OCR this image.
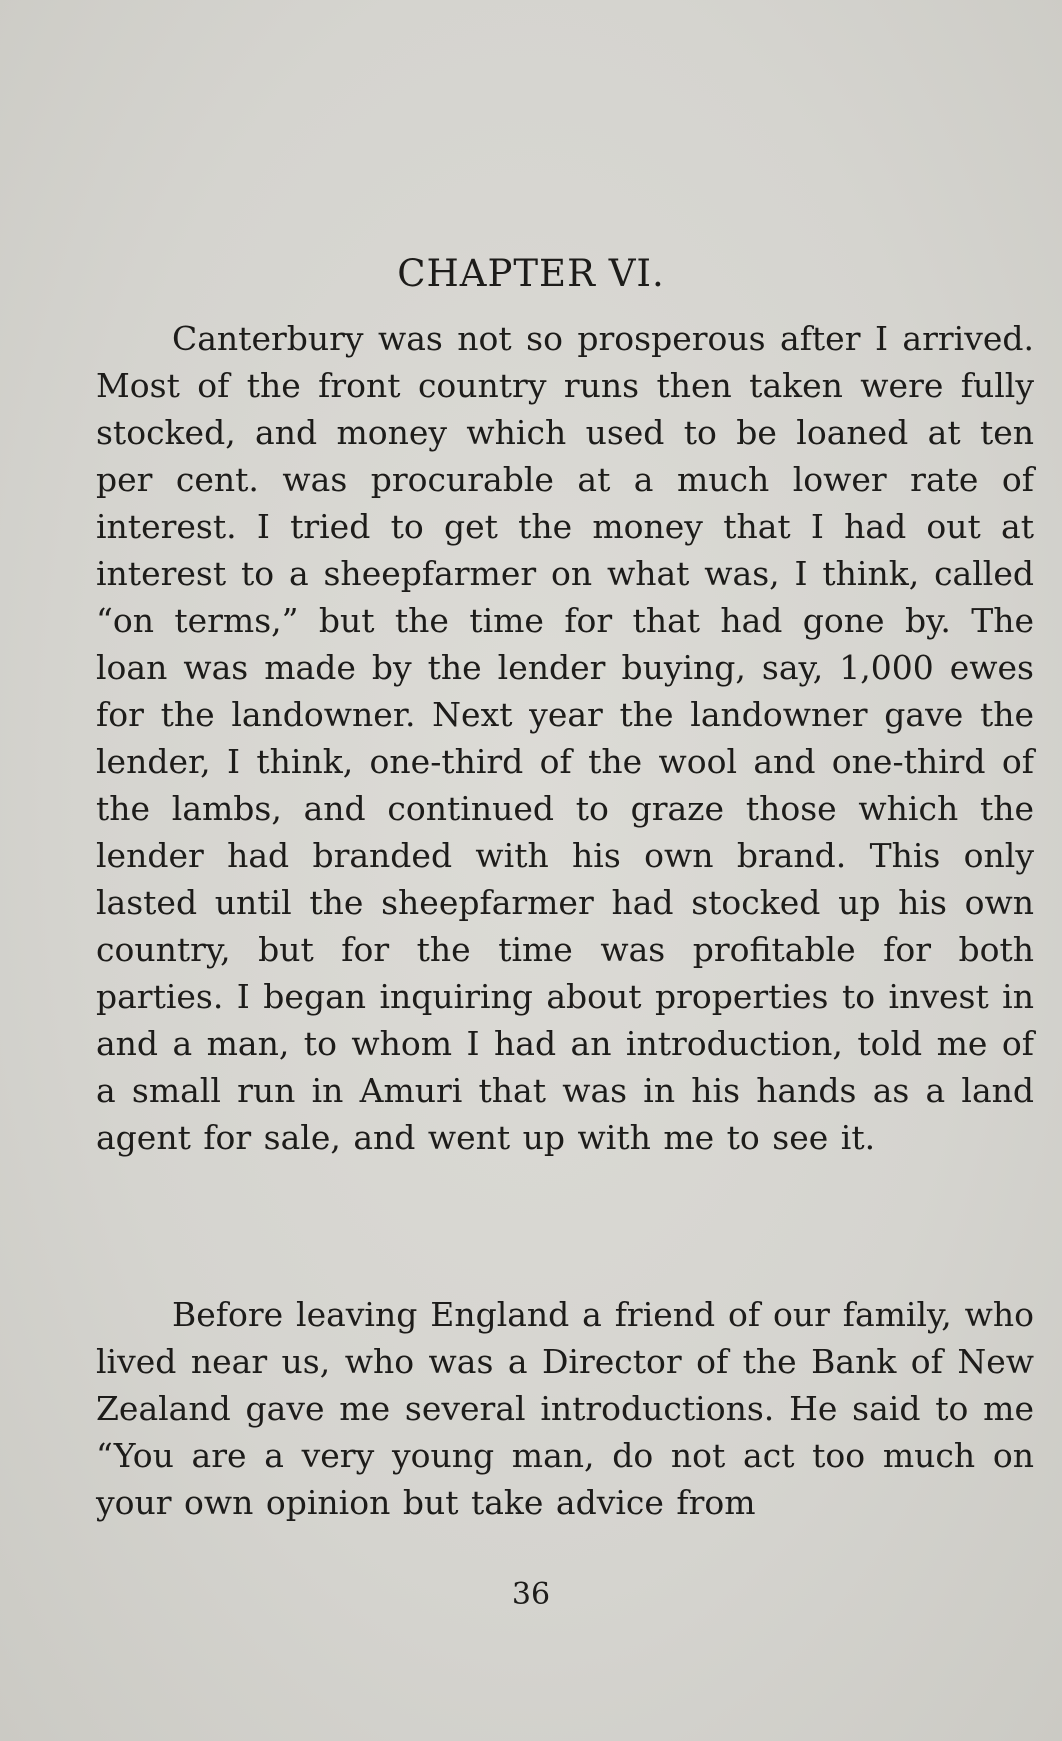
CHAPTER VI.

Canterbury was not so prosperous after I arrived. Most of the front country runs then taken were fully stocked, and money which used to be loaned at ten per cent. was procurable at a much lower rate of interest. I tried to get the money that I had out at interest to a sheepfarmer on what was, I think, called “on terms,” but the time for that had gone by. The loan was made by the lender buying, say, 1,000 ewes for the landowner. Next year the landowner gave the lender, I think, one-third of the wool and one-third of the lambs, and continued to graze those which the lender had branded with his own brand. This only lasted until the sheepfarmer had stocked up his own country, but for the time was profitable for both parties. I began inquiring about properties to invest in and a man, to whom I had an introduction, told me of a small run in Amuri that was in his hands as a land agent for sale, and went up with me to see it.

Before leaving England a friend of our family, who lived near us, who was a Director of the Bank of New Zealand gave me several introductions. He said to me “You are a very young man, do not act too much on your own opinion but take advice from

36
